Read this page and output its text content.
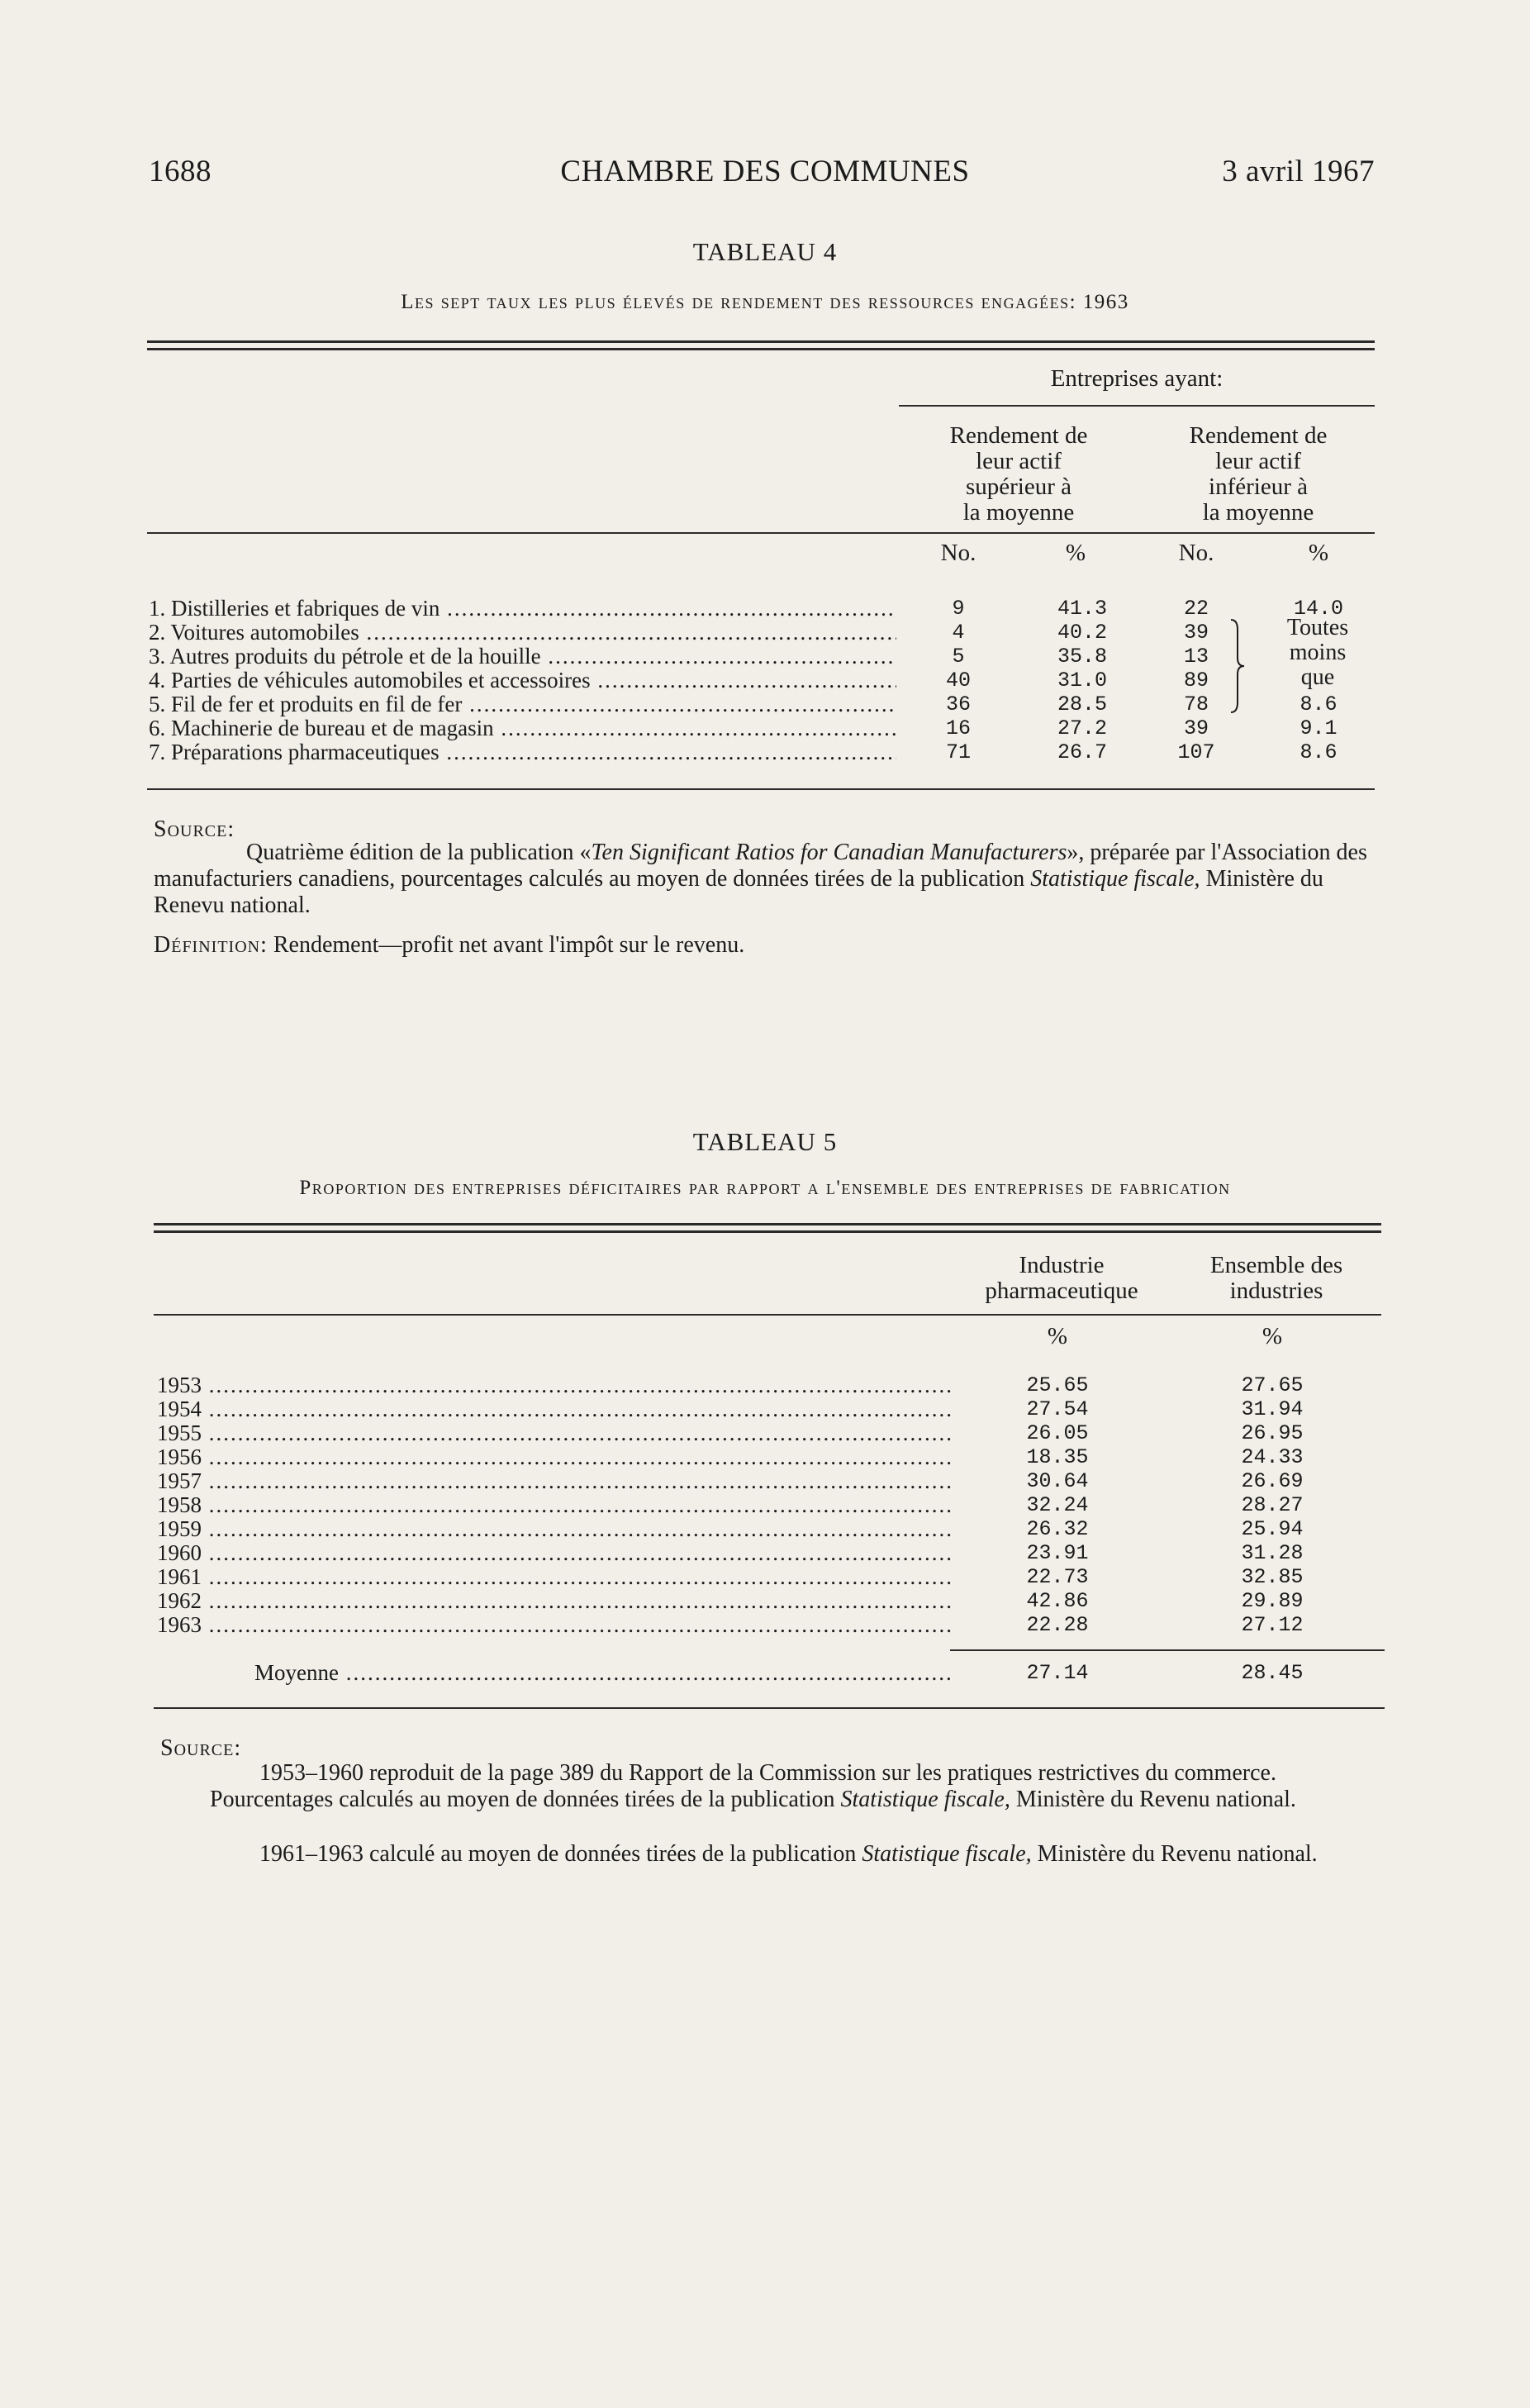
1688	CHAMBRE DES COMMUNES	3 avril 1967
TABLEAU 4
Les sept taux les plus élevés de rendement des ressources engagées: 1963
Entreprises ayant:
Rendement de
leur actif
supérieur à
la moyenne
Rendement de
leur actif
inférieur à
la moyenne
No.	%	No.	%
1. Distilleries et fabriques de vin .....	9	41.3	22	14.0
2. Voitures automobiles .....	4	40.2	39
3. Autres produits du pétrole et de la houille .....	5	35.8	13
4. Parties de véhicules automobiles et accessoires .....	40	31.0	89
5. Fil de fer et produits en fil de fer .....	36	28.5	78	8.6
6. Machinerie de bureau et de magasin .....	16	27.2	39	9.1
7. Préparations pharmaceutiques .....	71	26.7	107	8.6
Toutes
moins
que
Source:
Quatrième édition de la publication «Ten Significant Ratios for Canadian Manufacturers», préparée par l'Association des manufacturiers canadiens, pourcentages calculés au moyen de données tirées de la publication Statistique fiscale, Ministère du Renevu national.
Définition: Rendement—profit net avant l'impôt sur le revenu.
TABLEAU 5
Proportion des entreprises déficitaires par rapport a l'ensemble des entreprises de fabrication
Industrie
pharmaceutique
Ensemble des
industries
%	%
1953 .....	25.65	27.65
1954 .....	27.54	31.94
1955 .....	26.05	26.95
1956 .....	18.35	24.33
1957 .....	30.64	26.69
1958 .....	32.24	28.27
1959 .....	26.32	25.94
1960 .....	23.91	31.28
1961 .....	22.73	32.85
1962 .....	42.86	29.89
1963 .....	22.28	27.12
Moyenne .....	27.14	28.45
Source:
1953–1960 reproduit de la page 389 du Rapport de la Commission sur les pratiques restrictives du commerce. Pourcentages calculés au moyen de données tirées de la publication Statistique fiscale, Ministère du Revenu national.
1961–1963 calculé au moyen de données tirées de la publication Statistique fiscale, Ministère du Revenu national.
